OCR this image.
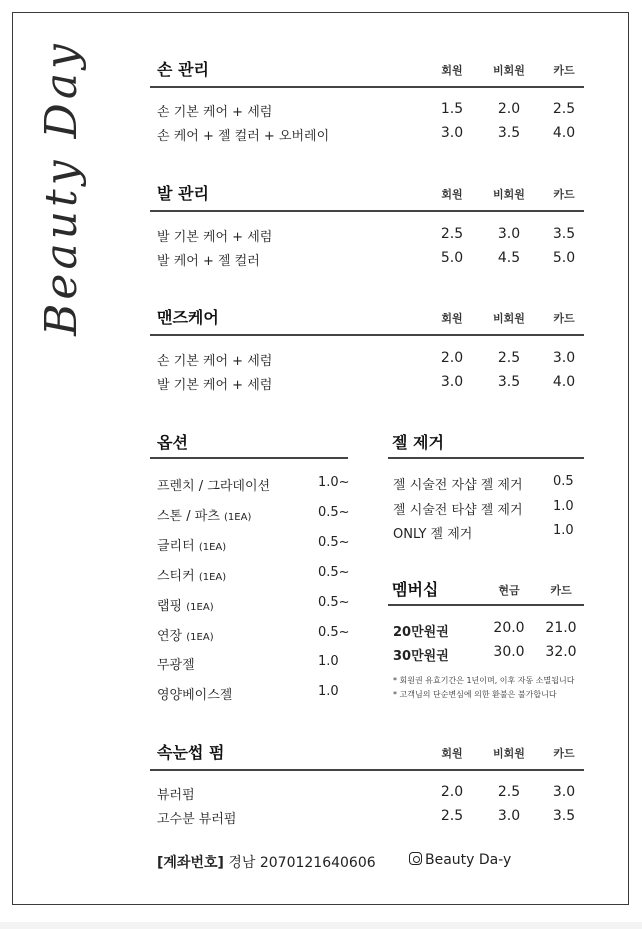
Beauty Day	손 관리	회원	비회원	카드
손 기본 케어 + 세럼	1.5	2.0	2.5
손 케어 + 젤 컬러 + 오버레이	3.0	3.5	4.0
발 관리	회원	비회원	카드
발 기본 케어 + 세럼	2.5	3.0	3.5
발 케어 + 젤 컬러	5.0	4.5	5.0
맨즈케어	회원	비회원	카드
손 기본 케어 + 세럼	2.0	2.5	3.0
발 기본 케어 + 세럼	3.0	3.5	4.0
옵션
프렌치 / 그라데이션	1.0~
스톤 / 파츠 (1EA)	0.5~
글리터 (1EA)	0.5~
스티커 (1EA)	0.5~
랩핑 (1EA)	0.5~
연장 (1EA)	0.5~
무광젤	1.0
영양베이스젤	1.0
젤 제거
젤 시술전 자샵 젤 제거 0.5
젤 시술전 타샵 젤 제거 1.0
ONLY 젤 제거	1.0
멤버십	현금	카드
20만원권	20.0	21.0
30만원권	30.0	32.0
* 회원권 유효기간은 1년이며, 이후 자동 소멸됩니다
* 고객님의 단순변심에 의한 환불은 불가합니다
속눈썹 펌	회원	비회원	카드
뷰러펌	2.0	2.5	3.0
고수분 뷰러펌	2.5	3.0	3.5
[계좌번호] 경남 2070121640606	Beauty Da-y
